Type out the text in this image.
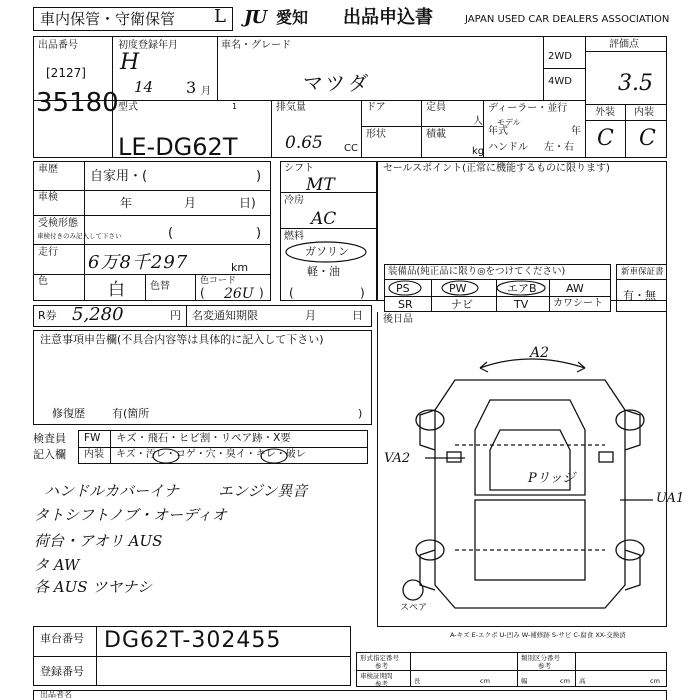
車内保管・守衛保管 L JU 愛知 出品申込書	JAPAN USED CAR DEALERS ASSOCIATION
出品番号
[2127]
35180
初度登録年月
H
14 3 月
車名・グレード
マツダ
2WD
4WD
評価点
3.5
外装 内装
C C
型式	1
LE-DG62T
排気量
0.65 CC
ドア	定員
人
形状	積載
kg
ディーラー・並行
モデル
年式	年
ハンドル 左・右
車歴 自家用・(	)
車検	年	月	日)
受検形態
車検付きのみ記入して下さい	(	)
走行 6万8千297	km
色	白	色替	色コード
26U
(	)
シフト
MT
冷房
AC
燃料
ガソリン
軽・油
(	)
セールスポイント(正常に機能するものに限ります)
装備品(純正品に限り◎をつけてください)
PS	PW	エアB	AW
SR	ナビ	TV カワシート
新車保証書
有・無
R券 5,280	円 名変通知期限	月	日
注意事項申告欄(不具合内容等は具体的に記入して下さい)
修復歴 有(箇所	)
検査員
記入欄
FW キズ・飛石・ヒビ割・リペア跡・X要
内装 キズ・汚レ・コゲ・穴・臭イ・キレ・破レ
ハンドルカバーイナ	エンジン異音
タトシフトノブ・オーディオ
荷台・アオリ AUS
タ AW
各 AUS ツヤナシ
後日品
A2
Pリッジ
VA2
UA1
スペア
A-キズ E-エクボ U-凹み W-補修跡 S-サビ C-腐食 XX-交換済
車台番号 DG62T-302455
登録番号
形式指定番号
参考
類別区分番号
参考
車検証期間
参考	長	cm	幅	cm 高	cm
出品者名
